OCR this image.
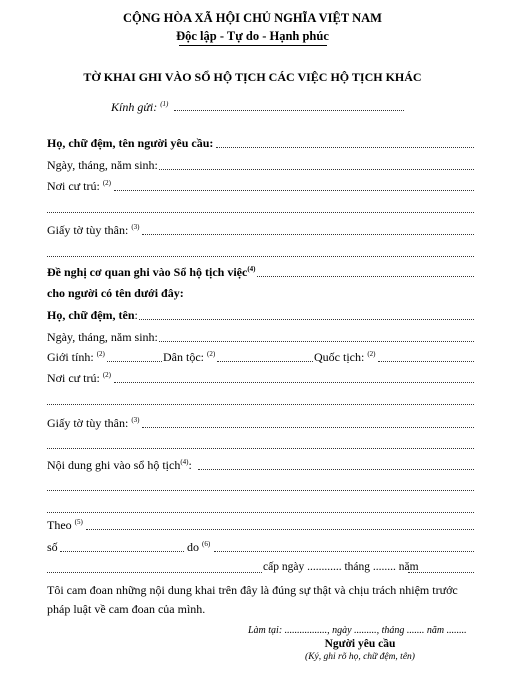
CỘNG HÒA XÃ HỘI CHỦ NGHĨA VIỆT NAM
Độc lập - Tự do - Hạnh phúc
TỜ KHAI GHI VÀO SỔ HỘ TỊCH CÁC VIỆC HỘ TỊCH KHÁC
Kính gửi: $^{(1)}$
Họ, chữ đệm, tên người yêu cầu:
Ngày, tháng, năm sinh:
Nơi cư trú: $^{(2)}$
Giấy tờ tùy thân: $^{(3)}$
Đề nghị cơ quan ghi vào Sổ hộ tịch việc$^{(4)}$
cho người có tên dưới đây:
Họ, chữ đệm, tên:
Ngày, tháng, năm sinh:
Giới tính: $^{(2)}$	Dân tộc: $^{(2)}$	Quốc tịch: $^{(2)}$
Nơi cư trú: $^{(2)}$
Giấy tờ tùy thân: $^{(3)}$
Nội dung ghi vào sổ hộ tịch$^{(4)}$:
Theo $^{(5)}$
số	do $^{(6)}$
cấp ngày ............ tháng ........ năm
Tôi cam đoan những nội dung khai trên đây là đúng sự thật và chịu trách nhiệm trước
pháp luật về cam đoan của mình.
Làm tại: ................., ngày ........., tháng ....... năm ........
Người yêu cầu
(Ký, ghi rõ họ, chữ đệm, tên)
